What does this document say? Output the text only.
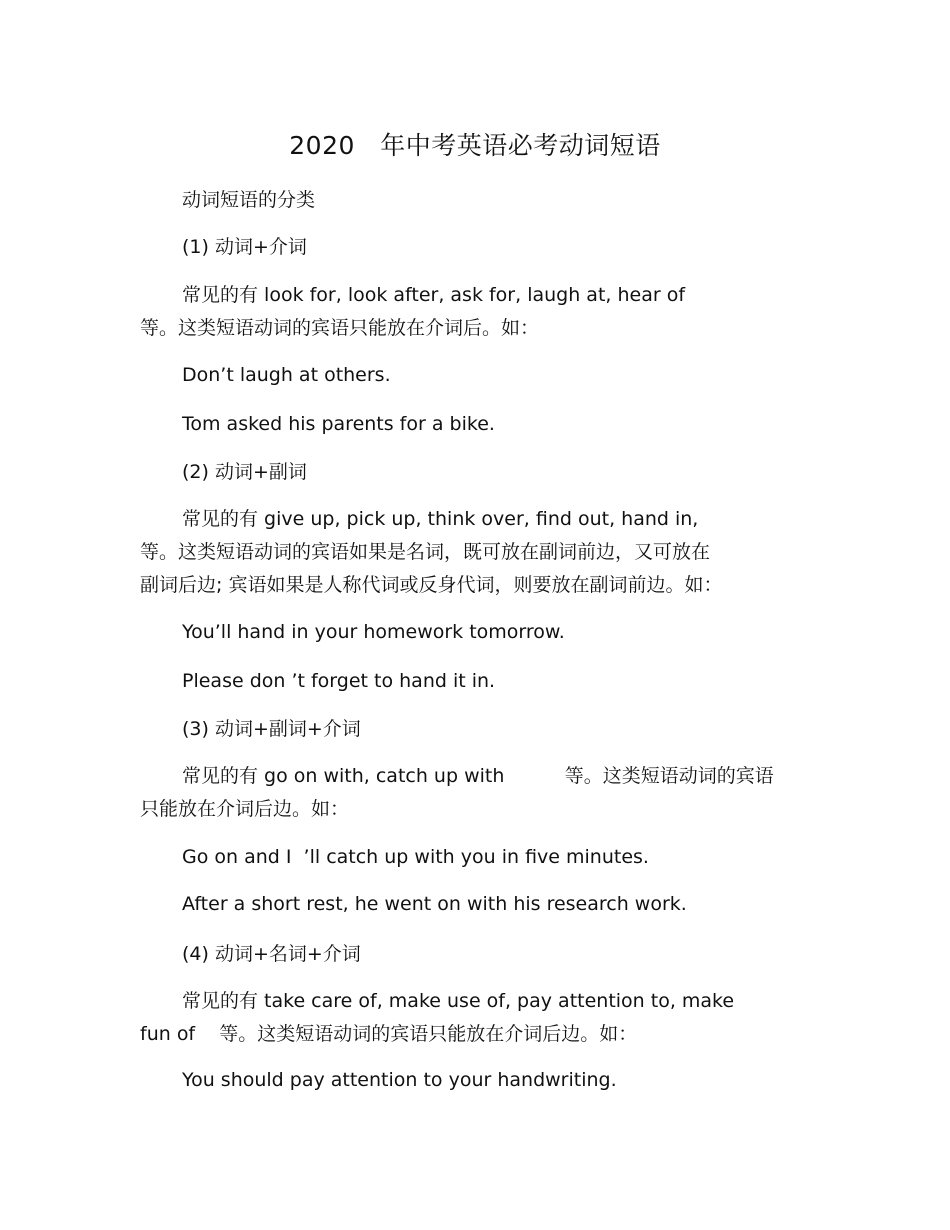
2020   年中考英语必考动词短语
动词短语的分类
(1) 动词+介词
常见的有 look for, look after, ask for, laugh at, hear of
等。这类短语动词的宾语只能放在介词后。如：
Don’t laugh at others.
Tom asked his parents for a bike.
(2) 动词+副词
常见的有 give up, pick up, think over, find out, hand in,
等。这类短语动词的宾语如果是名词，既可放在副词前边，又可放在
副词后边; 宾语如果是人称代词或反身代词，则要放在副词前边。如：
You’ll hand in your homework tomorrow.
Please don ’t forget to hand it in.
(3) 动词+副词+介词
常见的有 go on with, catch up with          等。这类短语动词的宾语
只能放在介词后边。如：
Go on and I  ’ll catch up with you in five minutes.
After a short rest, he went on with his research work.
(4) 动词+名词+介词
常见的有 take care of, make use of, pay attention to, make
fun of    等。这类短语动词的宾语只能放在介词后边。如：
You should pay attention to your handwriting.
